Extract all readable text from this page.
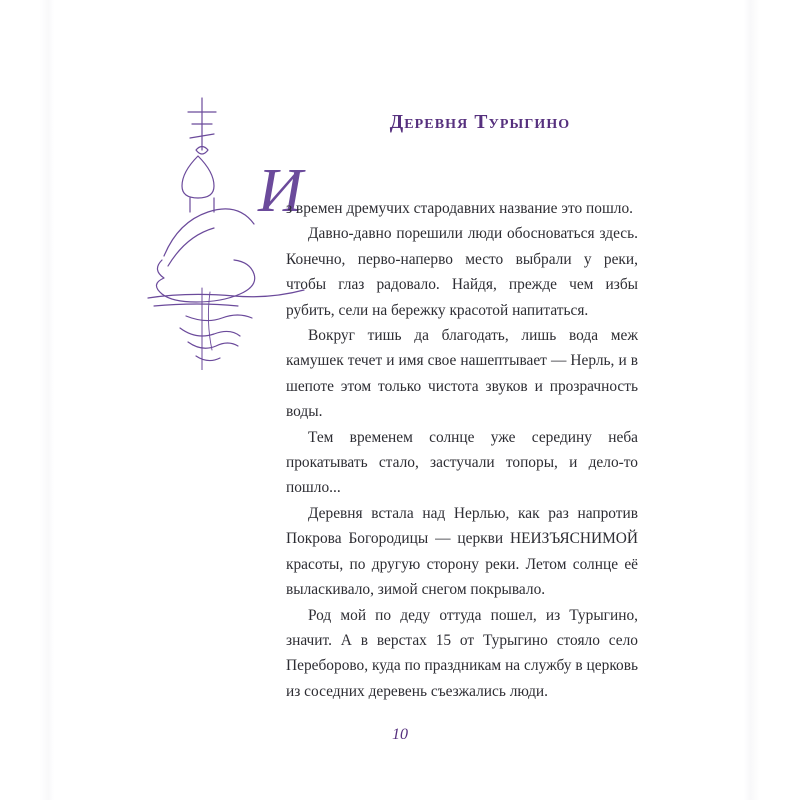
Деревня Турыгино
И

з времен дремучих стародавних название это пошло.

Давно-давно порешили люди обосноваться здесь. Конечно, перво-наперво место выбрали у реки, чтобы глаз радовало. Найдя, прежде чем избы рубить, сели на бережку красотой напитаться.

Вокруг тишь да благодать, лишь вода меж камушек течет и имя свое нашептывает — Нерль, и в шепоте этом только чистота звуков и прозрачность воды.

Тем временем солнце уже середину неба прокатывать стало, застучали топоры, и дело-то пошло...

Деревня встала над Нерлью, как раз напротив Покрова Богородицы — церкви НЕИЗЪЯСНИМОЙ красоты, по другую сторону реки. Летом солнце её выласкивало, зимой снегом покрывало.

Род мой по деду оттуда пошел, из Турыгино, значит. А в верстах 15 от Турыгино стояло село Переборово, куда по праздникам на службу в церковь из соседних деревень съезжались люди.

10
